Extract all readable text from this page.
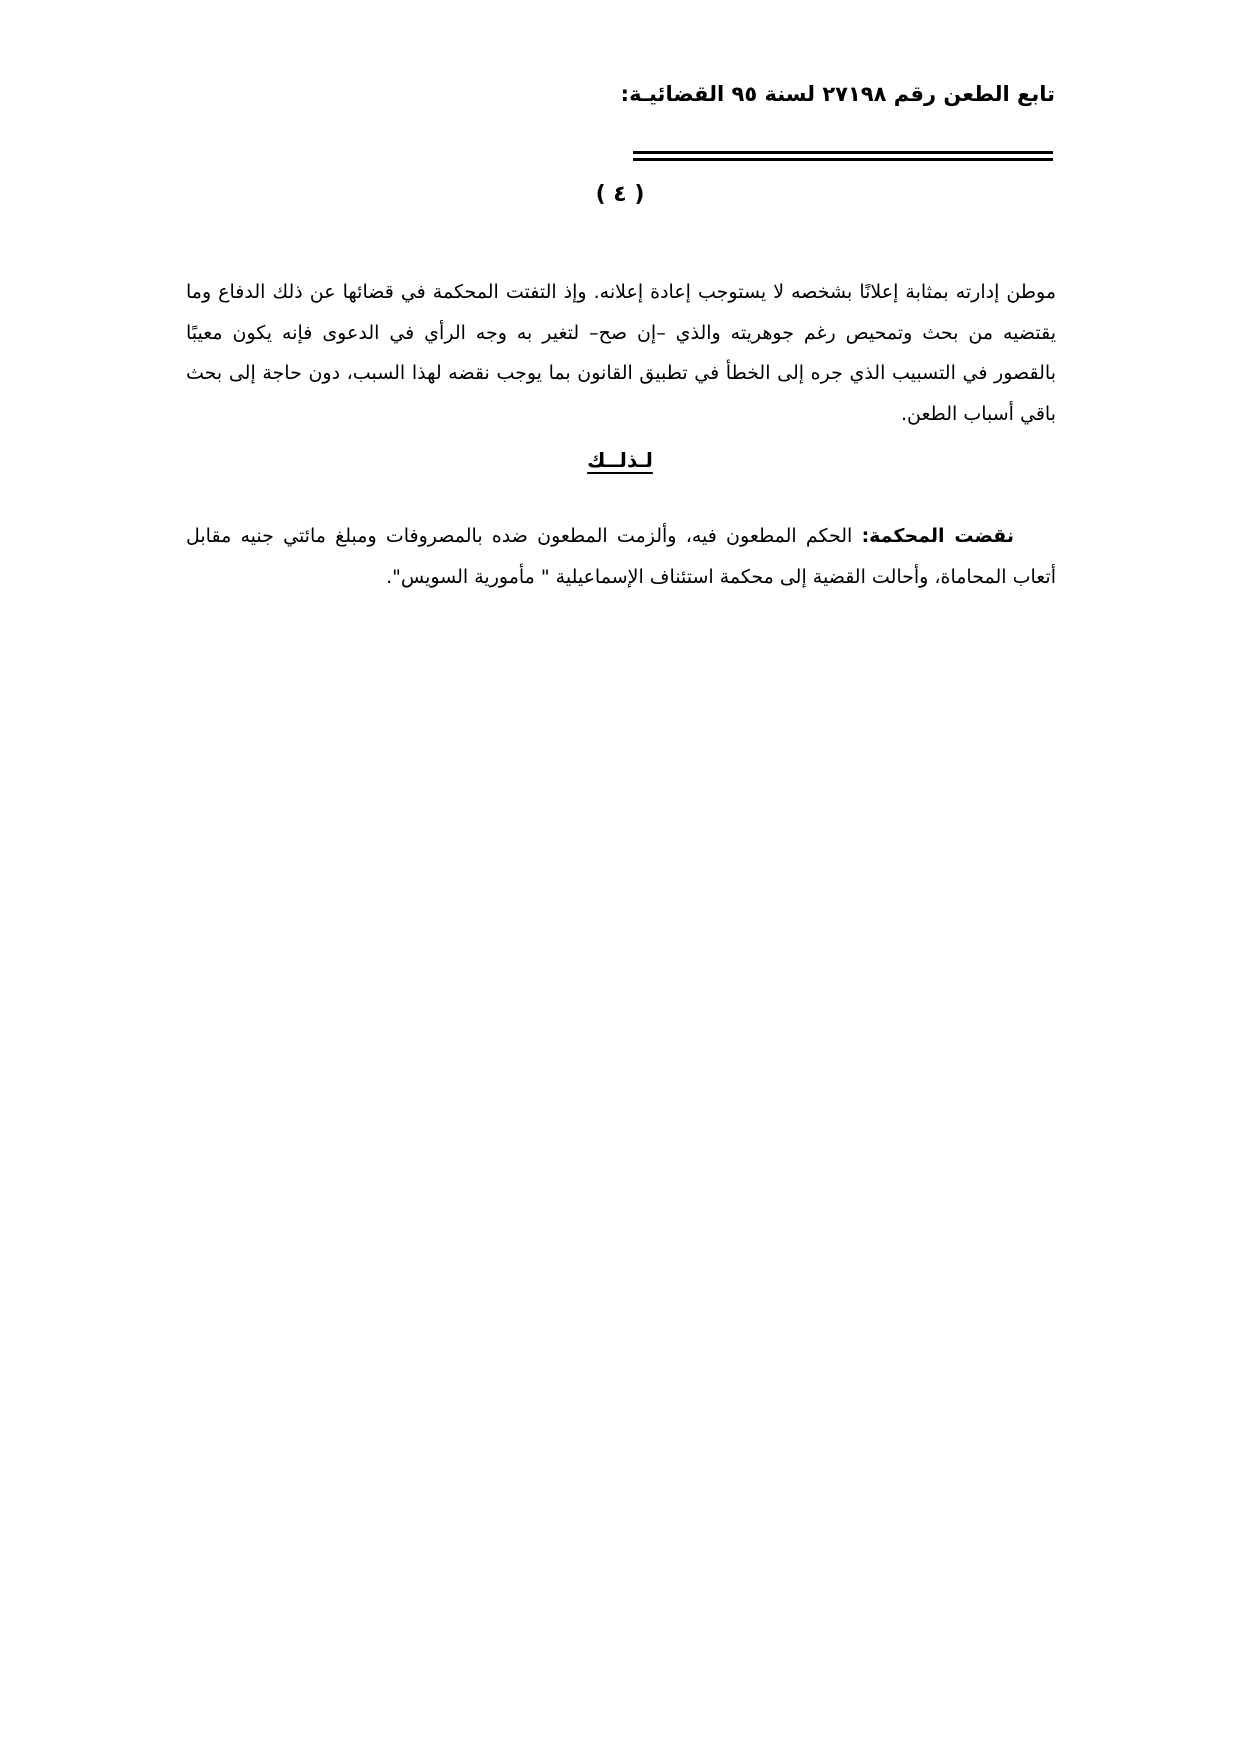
تابع الطعن رقم ٢٧١٩٨ لسنة ٩٥ القضائيـة:
( ٤ )

موطن إدارته بمثابة إعلانًا بشخصه لا يستوجب إعادة إعلانه. وإذ التفتت المحكمة في قضائها عن ذلك الدفاع وما يقتضيه من بحث وتمحيص رغم جوهريته والذي –إن صح– لتغير به وجه الرأي في الدعوى فإنه يكون معيبًا بالقصور في التسبيب الذي جره إلى الخطأ في تطبيق القانون بما يوجب نقضه لهذا السبب، دون حاجة إلى بحث باقي أسباب الطعن.

لـذلــك

نقضت المحكمة: الحكم المطعون فيه، وألزمت المطعون ضده بالمصروفات ومبلغ مائتي جنيه مقابل أتعاب المحاماة، وأحالت القضية إلى محكمة استئناف الإسماعيلية " مأمورية السويس".
